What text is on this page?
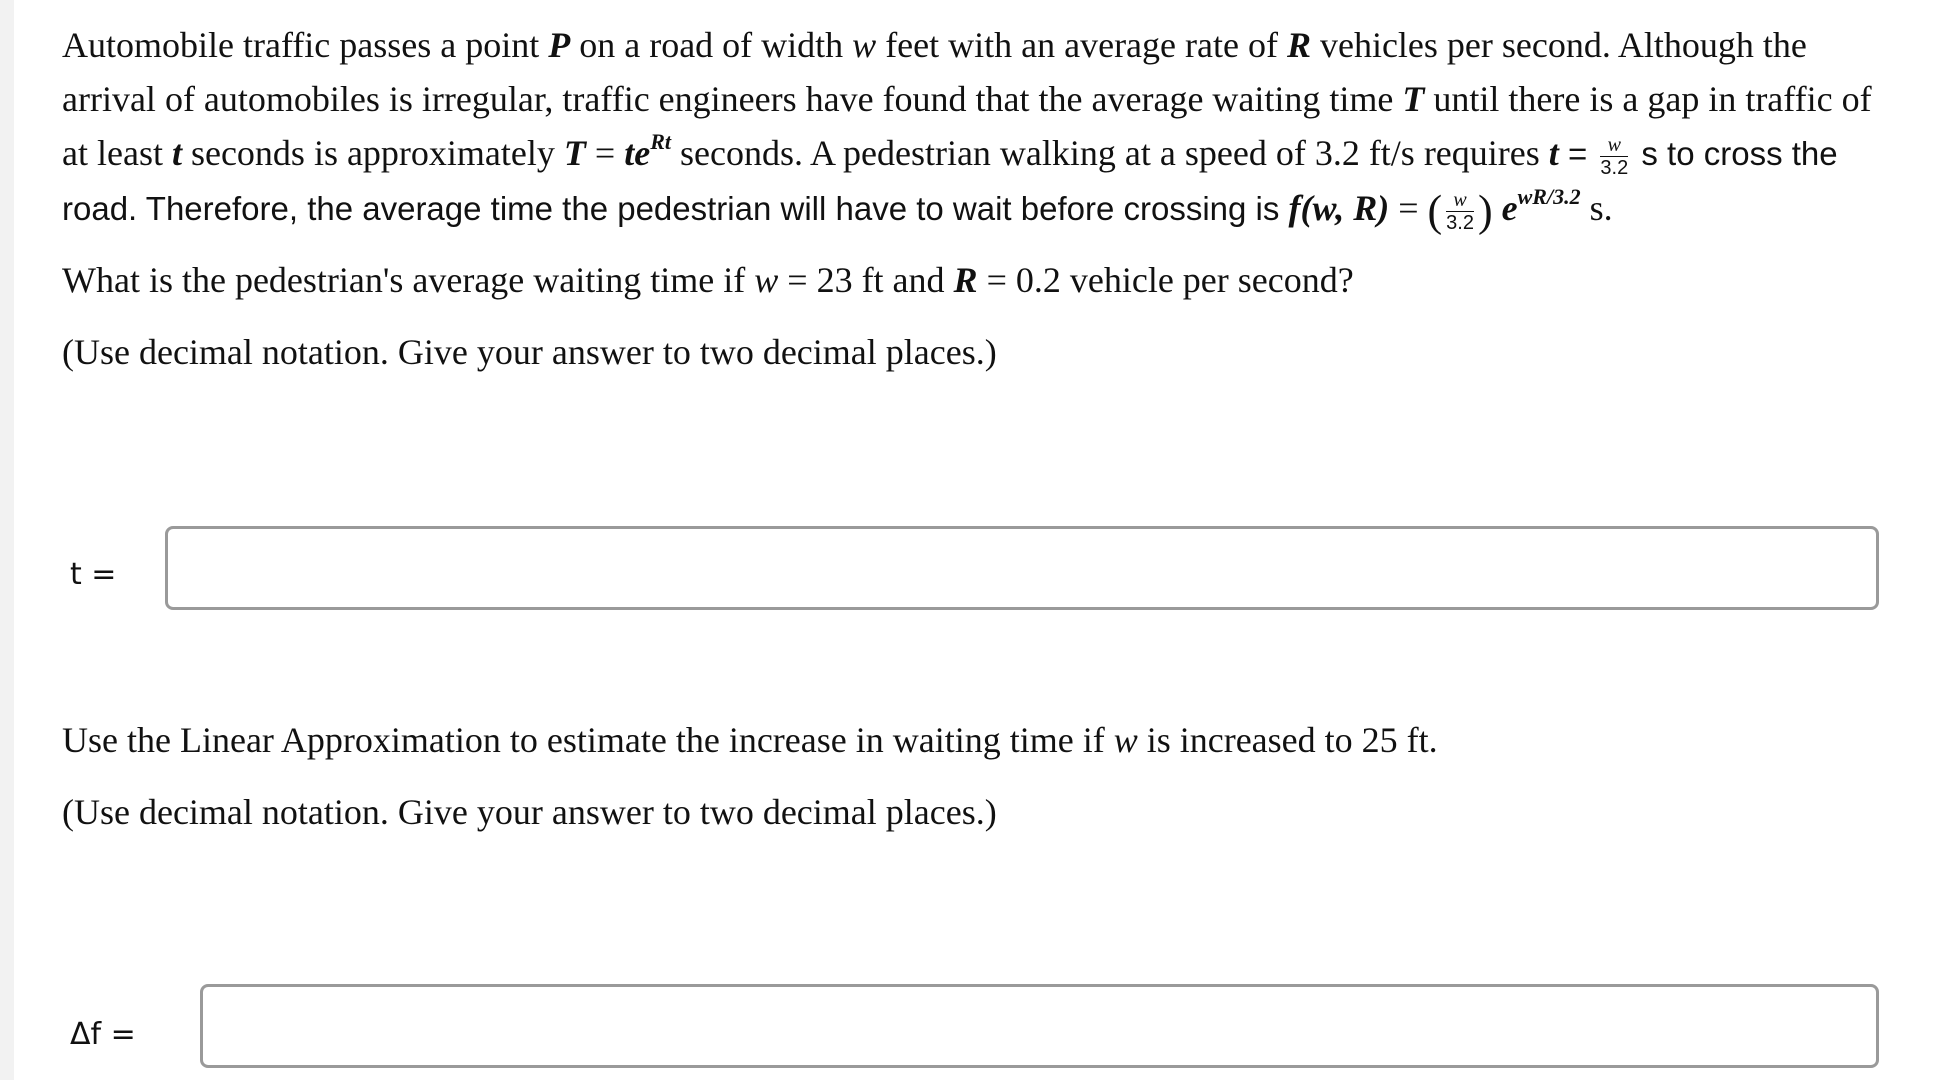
Automobile traffic passes a point P on a road of width w feet with an average rate of R vehicles per second. Although the arrival of automobiles is irregular, traffic engineers have found that the average waiting time T until there is a gap in traffic of at least t seconds is approximately $T = te^{Rt}$ seconds. A pedestrian walking at a speed of 3.2 ft/s requires $t = \frac{w}{3.2}$ s to cross the road. Therefore, the average time the pedestrian will have to wait before crossing is f(w, R) = ( $\frac{w}{3.2}$ ) $e^{wR/3.2}$ s.

What is the pedestrian's average waiting time if w = 23 ft and R = 0.2 vehicle per second?

(Use decimal notation. Give your answer to two decimal places.)

t =

Use the Linear Approximation to estimate the increase in waiting time if w is increased to 25 ft.

(Use decimal notation. Give your answer to two decimal places.)

Δf =
